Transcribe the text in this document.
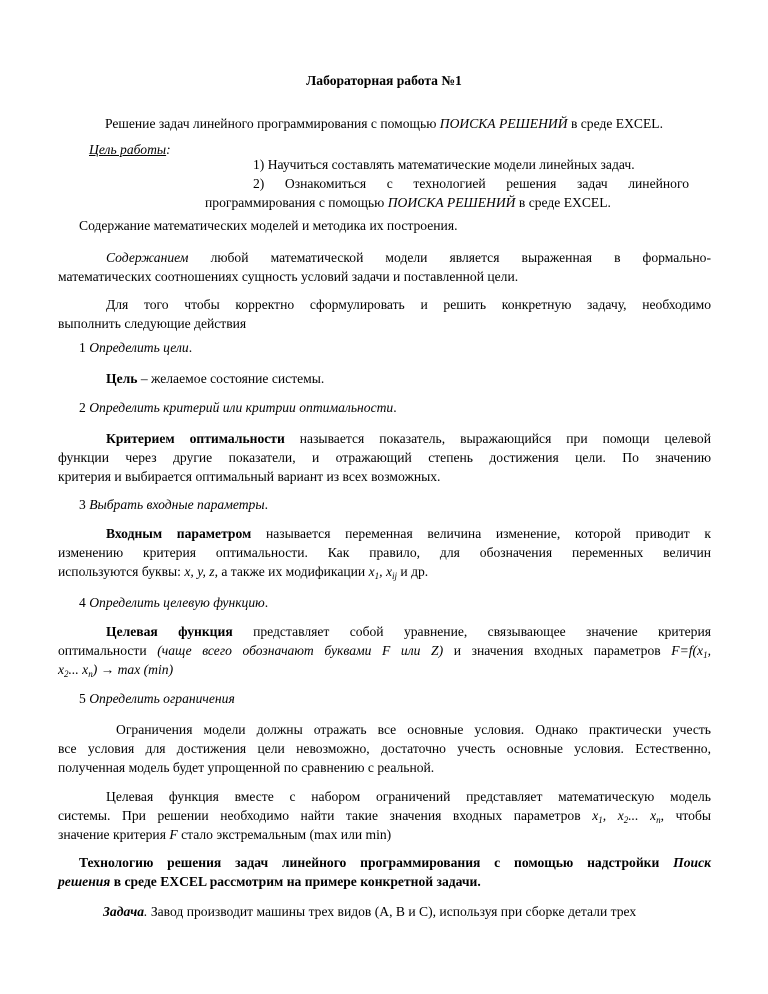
Лабораторная работа №1
Решение задач линейного программирования с помощью ПОИСКА РЕШЕНИЙ в среде EXCEL.
Цель работы:
1) Научиться составлять математические модели линейных задач.
2) Ознакомиться с технологией решения задач линейного
программирования с помощью ПОИСКА РЕШЕНИЙ в среде EXCEL.
Содержание математических моделей и методика их построения.
Содержанием любой математической модели является выраженная в формально-
математических соотношениях сущность условий задачи и поставленной цели.
Для того чтобы корректно сформулировать и решить конкретную задачу, необходимо
выполнить следующие действия
1 Определить цели.
Цель – желаемое состояние системы.
2 Определить критерий или критрии оптимальности.
Критерием оптимальности называется показатель, выражающийся при помощи целевой
функции через другие показатели, и отражающий степень достижения цели. По значению
критерия и выбирается оптимальный вариант из всех возможных.
3 Выбрать входные параметры.
Входным параметром называется переменная величина изменение, которой приводит к
изменению критерия оптимальности. Как правило, для обозначения переменных величин
используются буквы: x, y, z, а также их модификации $x_1$, $x_{ij}$ и др.
4 Определить целевую функцию.
Целевая функция представляет собой уравнение, связывающее значение критерия
оптимальности (чаще всего обозначают буквами F или Z) и значения входных параметров $F=f(x_1$,
$x_2$... $x_n) \to \max (\min)$
5 Определить ограничения
Ограничения модели должны отражать все основные условия. Однако практически учесть
все условия для достижения цели невозможно, достаточно учесть основные условия. Естественно,
полученная модель будет упрощенной по сравнению с реальной.
Целевая функция вместе с набором ограничений представляет математическую модель
системы. При решении необходимо найти такие значения входных параметров $x_1$, $x_2$... $x_n$, чтобы
значение критерия F стало экстремальным (max или min)
Технологию решения задач линейного программирования с помощью надстройки Поиск
решения в среде EXCEL рассмотрим на примере конкретной задачи.
Задача. Завод производит машины трех видов (А, В и С), используя при сборке детали трех
